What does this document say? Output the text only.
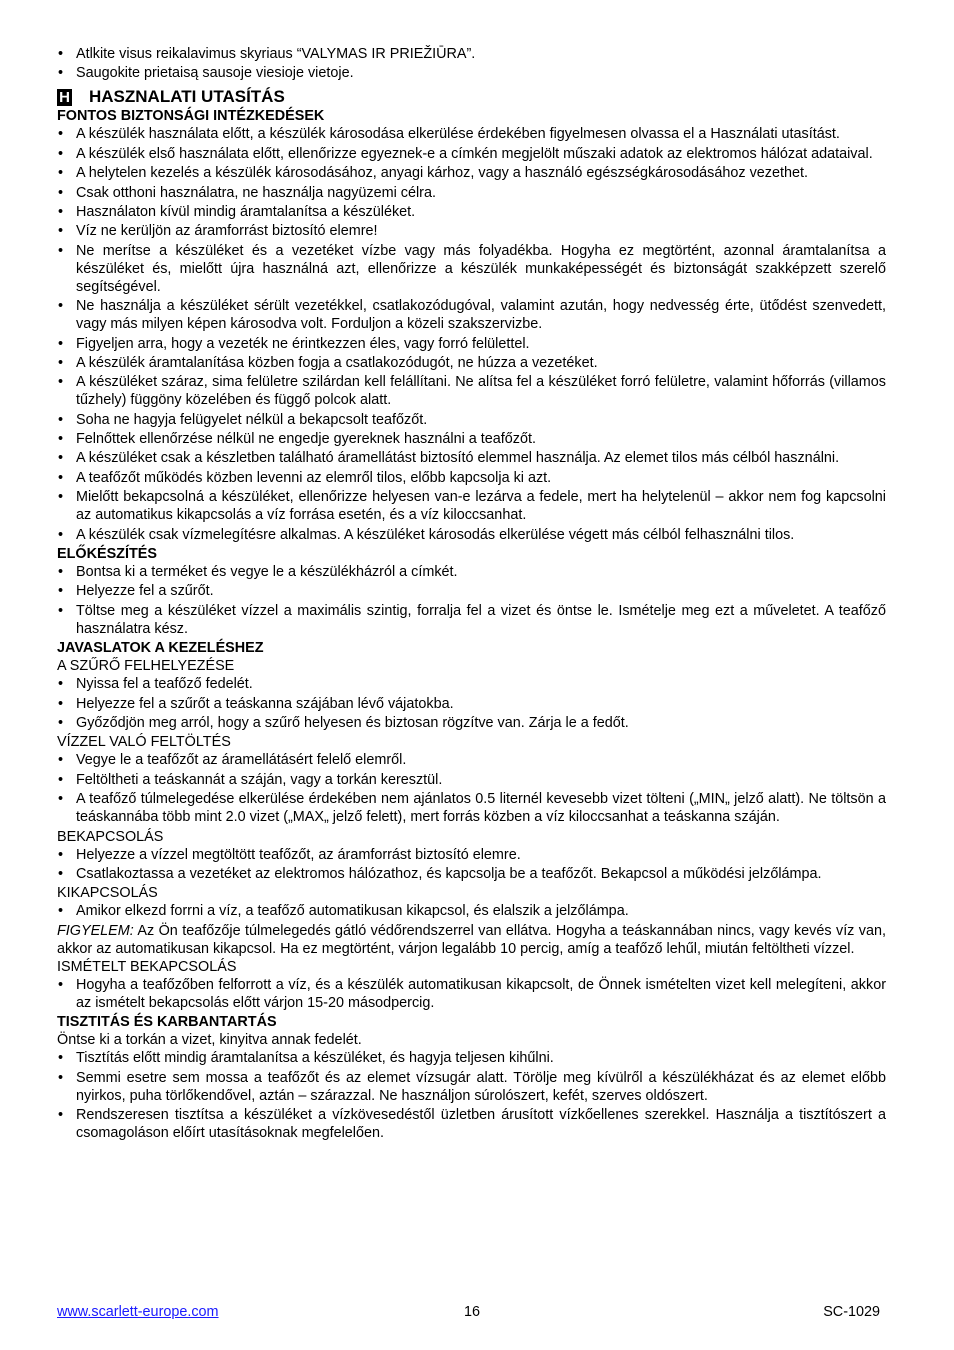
• Atlkite visus reikalavimus skyriaus “VALYMAS IR PRIEŽIŪRA”.
• Saugokite prietaisą sausoje viesioje vietoje.
H HASZNALATI UTASÍTÁS
FONTOS BIZTONSÁGI INTÉZKEDÉSEK
• A készülék használata előtt, a készülék károsodása elkerülése érdekében figyelmesen olvassa el a Használati utasítást.
• A készülék első használata előtt, ellenőrizze egyeznek-e a címkén megjelölt műszaki adatok az elektromos hálózat adataival.
• A helytelen kezelés a készülék károsodásához, anyagi kárhoz, vagy a használó egészségkárosodásához vezethet.
• Csak otthoni használatra, ne használja nagyüzemi célra.
• Használaton kívül mindig áramtalanítsa a készüléket.
• Víz ne kerüljön az áramforrást biztosító elemre!
• Ne merítse a készüléket és a vezetéket vízbe vagy más folyadékba. Hogyha ez megtörtént, azonnal áramtalanítsa a készüléket és, mielőtt újra használná azt, ellenőrizze a készülék munkaképességét és biztonságát szakképzett szerelő segítségével.
• Ne használja a készüléket sérült vezetékkel, csatlakozódugóval, valamint azután, hogy nedvesség érte, ütődést szenvedett, vagy más milyen képen károsodva volt. Forduljon a közeli szakszervizbe.
• Figyeljen arra, hogy a vezeték ne érintkezzen éles, vagy forró felülettel.
• A készülék áramtalanítása közben fogja a csatlakozódugót, ne húzza a vezetéket.
• A készüléket száraz, sima felületre szilárdan kell felállítani. Ne alítsa fel a készüléket forró felületre, valamint hőforrás (villamos tűzhely) függöny közelében és függő polcok alatt.
• Soha ne hagyja felügyelet nélkül a bekapcsolt teafőzőt.
• Felnőttek ellenőrzése nélkül ne engedje gyereknek használni a teafőzőt.
• A készüléket csak a készletben található áramellátást biztosító elemmel használja. Az elemet tilos más célból használni.
• A teafőzőt működés közben levenni az elemről tilos, előbb kapcsolja ki azt.
• Mielőtt bekapcsolná a készüléket, ellenőrizze helyesen van-e lezárva a fedele, mert ha helytelenül – akkor nem fog kapcsolni az automatikus kikapcsolás a víz forrása esetén, és a víz kiloccsanhat.
• A készülék csak vízmelegítésre alkalmas. A készüléket károsodás elkerülése végett más célból felhasználni tilos.
ELŐKÉSZÍTÉS
• Bontsa ki a terméket és vegye le a készülékházról a címkét.
• Helyezze fel a szűrőt.
• Töltse meg a készüléket vízzel a maximális szintig, forralja fel a vizet és öntse le. Ismételje meg ezt a műveletet. A teafőző használatra kész.
JAVASLATOK A KEZELÉSHEZ
A SZŰRŐ FELHELYEZÉSE
• Nyissa fel a teafőző fedelét.
• Helyezze fel a szűrőt a teáskanna szájában lévő vájatokba.
• Győződjön meg arról, hogy a szűrő helyesen és biztosan rögzítve van. Zárja le a fedőt.
VÍZZEL VALÓ FELTÖLTÉS
• Vegye le a teafőzőt az áramellátásért felelő elemről.
• Feltöltheti a teáskannát a száján, vagy a torkán keresztül.
• A teafőző túlmelegedése elkerülése érdekében nem ajánlatos 0.5 liternél kevesebb vizet tölteni („MIN„ jelző alatt). Ne töltsön a teáskannába több mint 2.0 vizet („MAX„ jelző felett), mert forrás közben a víz kiloccsanhat a teáskanna száján.
BEKAPCSOLÁS
• Helyezze a vízzel megtöltött teafőzőt, az áramforrást biztosító elemre.
• Csatlakoztassa a vezetéket az elektromos hálózathoz, és kapcsolja be a teafőzőt. Bekapcsol a működési jelzőlámpa.
KIKAPCSOLÁS
• Amikor elkezd forrni a víz, a teafőző automatikusan kikapcsol, és elalszik a jelzőlámpa.
FIGYELEM: Az Ön teafőzője túlmelegedés gátló védőrendszerrel van ellátva. Hogyha a teáskannában nincs, vagy kevés víz van, akkor az automatikusan kikapcsol. Ha ez megtörtént, várjon legalább 10 percig, amíg a teafőző lehűl, miután feltöltheti vízzel.
ISMÉTELT BEKAPCSOLÁS
• Hogyha a teafőzőben felforrott a víz, és a készülék automatikusan kikapcsolt, de Önnek ismételten vizet kell melegíteni, akkor az ismételt bekapcsolás előtt várjon 15-20 másodpercig.
TISZTITÁS ÉS KARBANTARTÁS
Öntse ki a torkán a vizet, kinyitva annak fedelét.
• Tisztítás előtt mindig áramtalanítsa a készüléket, és hagyja teljesen kihűlni.
• Semmi esetre sem mossa a teafőzőt és az elemet vízsugár alatt. Törölje meg kívülről a készülékházat és az elemet előbb nyirkos, puha törlőkendővel, aztán – szárazzal. Ne használjon súrolószert, kefét, szerves oldószert.
• Rendszeresen tisztítsa a készüléket a vízkövesedéstől üzletben árusított vízkőellenes szerekkel. Használja a tisztítószert a csomagoláson előírt utasításoknak megfelelően.
www.scarlett-europe.com	16	SC-1029
